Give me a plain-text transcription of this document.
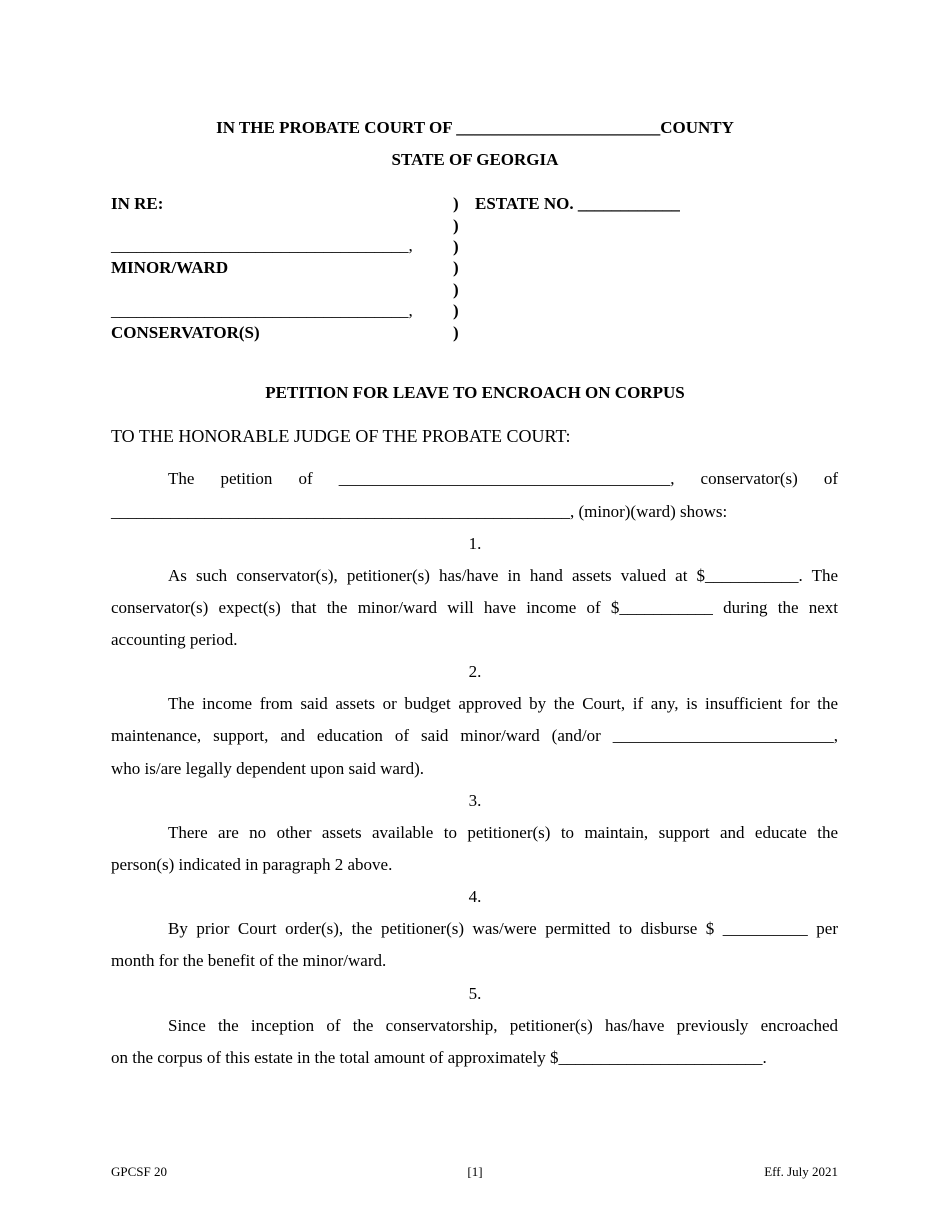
IN THE PROBATE COURT OF ________________________COUNTY
STATE OF GEORGIA
IN RE:
___________________________________,
MINOR/WARD
___________________________________,
CONSERVATOR(S)
)
)
)
)
)
)
)
ESTATE NO. ____________
PETITION FOR LEAVE TO ENCROACH ON CORPUS
TO THE HONORABLE JUDGE OF THE PROBATE COURT:
The petition of _______________________________________, conservator(s) of
______________________________________________________, (minor)(ward) shows:
1.
As such conservator(s), petitioner(s) has/have in hand assets valued at $___________. The
conservator(s) expect(s) that the minor/ward will have income of $___________ during the next
accounting period.
2.
The income from said assets or budget approved by the Court, if any, is insufficient for the
maintenance, support, and education of said minor/ward (and/or __________________________,
who is/are legally dependent upon said ward).
3.
There are no other assets available to petitioner(s) to maintain, support and educate the
person(s) indicated in paragraph 2 above.
4.
By prior Court order(s), the petitioner(s) was/were permitted to disburse $ __________ per
month for the benefit of the minor/ward.
5.
Since the inception of the conservatorship, petitioner(s) has/have previously encroached
on the corpus of this estate in the total amount of approximately $________________________.
GPCSF 20	[1]	Eff. July 2021
